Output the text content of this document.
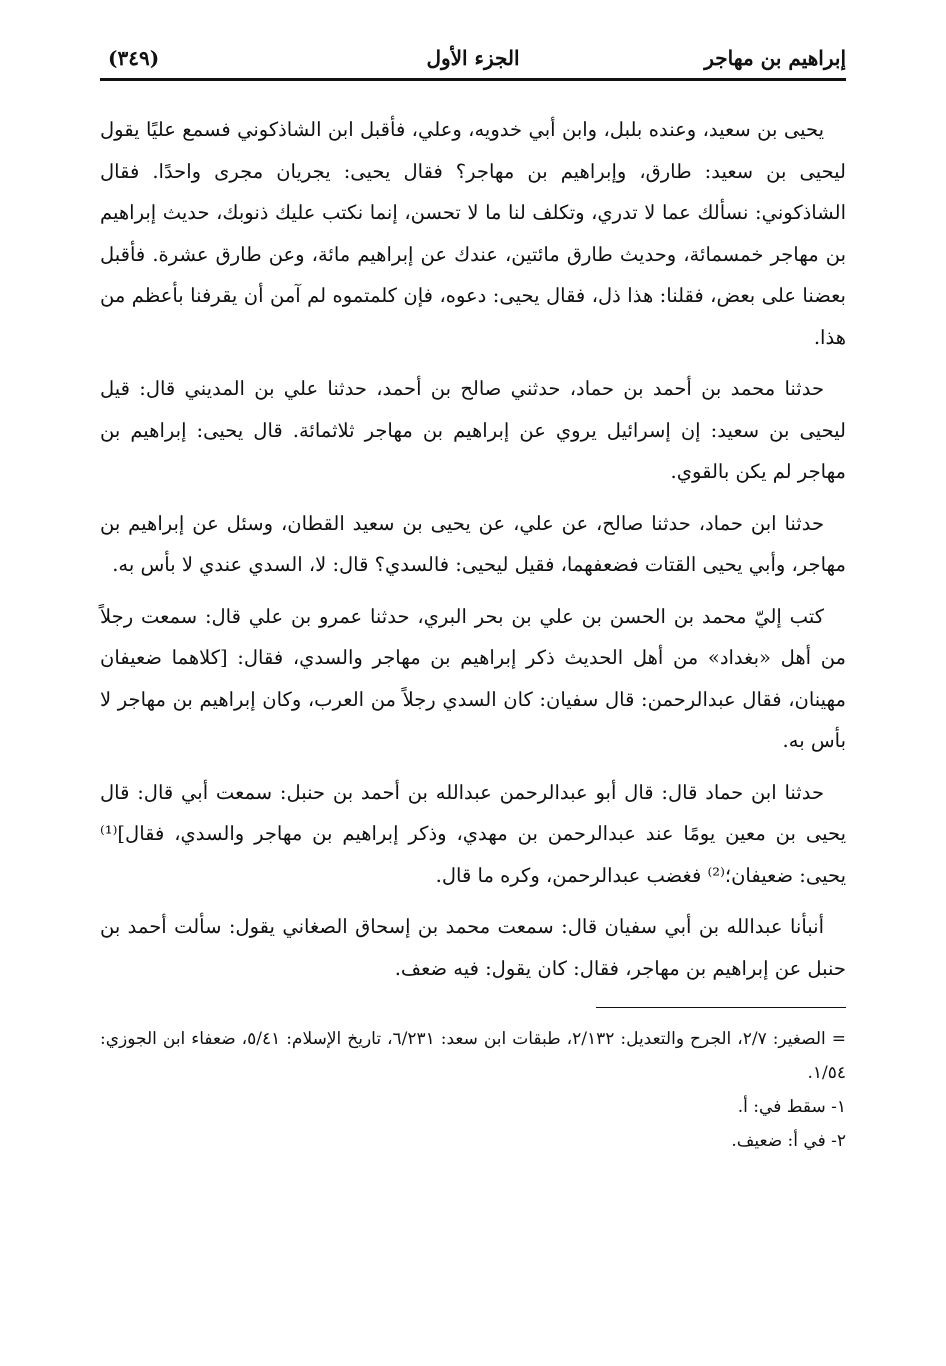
إبراهيم بن مهاجر
الجزء الأول
(٣٤٩)

يحيى بن سعيد، وعنده بلبل، وابن أبي خدويه، وعلي، فأقبل ابن الشاذكوني فسمع عليًا يقول ليحيى بن سعيد: طارق، وإبراهيم بن مهاجر؟ فقال يحيى: يجريان مجرى واحدًا. فقال الشاذكوني: نسألك عما لا تدري، وتكلف لنا ما لا تحسن، إنما نكتب عليك ذنوبك، حديث إبراهيم بن مهاجر خمسمائة، وحديث طارق مائتين، عندك عن إبراهيم مائة، وعن طارق عشرة. فأقبل بعضنا على بعض، فقلنا: هذا ذل، فقال يحيى: دعوه، فإن كلمتموه لم آمن أن يقرفنا بأعظم من هذا.

حدثنا محمد بن أحمد بن حماد، حدثني صالح بن أحمد، حدثنا علي بن المديني قال: قيل ليحيى بن سعيد: إن إسرائيل يروي عن إبراهيم بن مهاجر ثلاثمائة. قال يحيى: إبراهيم بن مهاجر لم يكن بالقوي.

حدثنا ابن حماد، حدثنا صالح، عن علي، عن يحيى بن سعيد القطان، وسئل عن إبراهيم بن مهاجر، وأبي يحيى القتات فضعفهما، فقيل ليحيى: فالسدي؟ قال: لا، السدي عندي لا بأس به.

كتب إليّ محمد بن الحسن بن علي بن بحر البري، حدثنا عمرو بن علي قال: سمعت رجلاً من أهل «بغداد» من أهل الحديث ذكر إبراهيم بن مهاجر والسدي، فقال: [كلاهما ضعيفان مهينان، فقال عبدالرحمن: قال سفيان: كان السدي رجلاً من العرب، وكان إبراهيم بن مهاجر لا بأس به.

حدثنا ابن حماد قال: قال أبو عبدالرحمن عبدالله بن أحمد بن حنبل: سمعت أبي قال: قال يحيى بن معين يومًا عند عبدالرحمن بن مهدي، وذكر إبراهيم بن مهاجر والسدي، فقال]⁽¹⁾ يحيى: ضعيفان؛⁽²⁾ فغضب عبدالرحمن، وكره ما قال.

أنبأنا عبدالله بن أبي سفيان قال: سمعت محمد بن إسحاق الصغاني يقول: سألت أحمد بن حنبل عن إبراهيم بن مهاجر، فقال: كان يقول: فيه ضعف.

= الصغير: ٢/٧، الجرح والتعديل: ٢/١٣٢، طبقات ابن سعد: ٦/٢٣١، تاريخ الإسلام: ٥/٤١، ضعفاء ابن الجوزي: ١/٥٤.

١- سقط في: أ.

٢- في أ: ضعيف.
